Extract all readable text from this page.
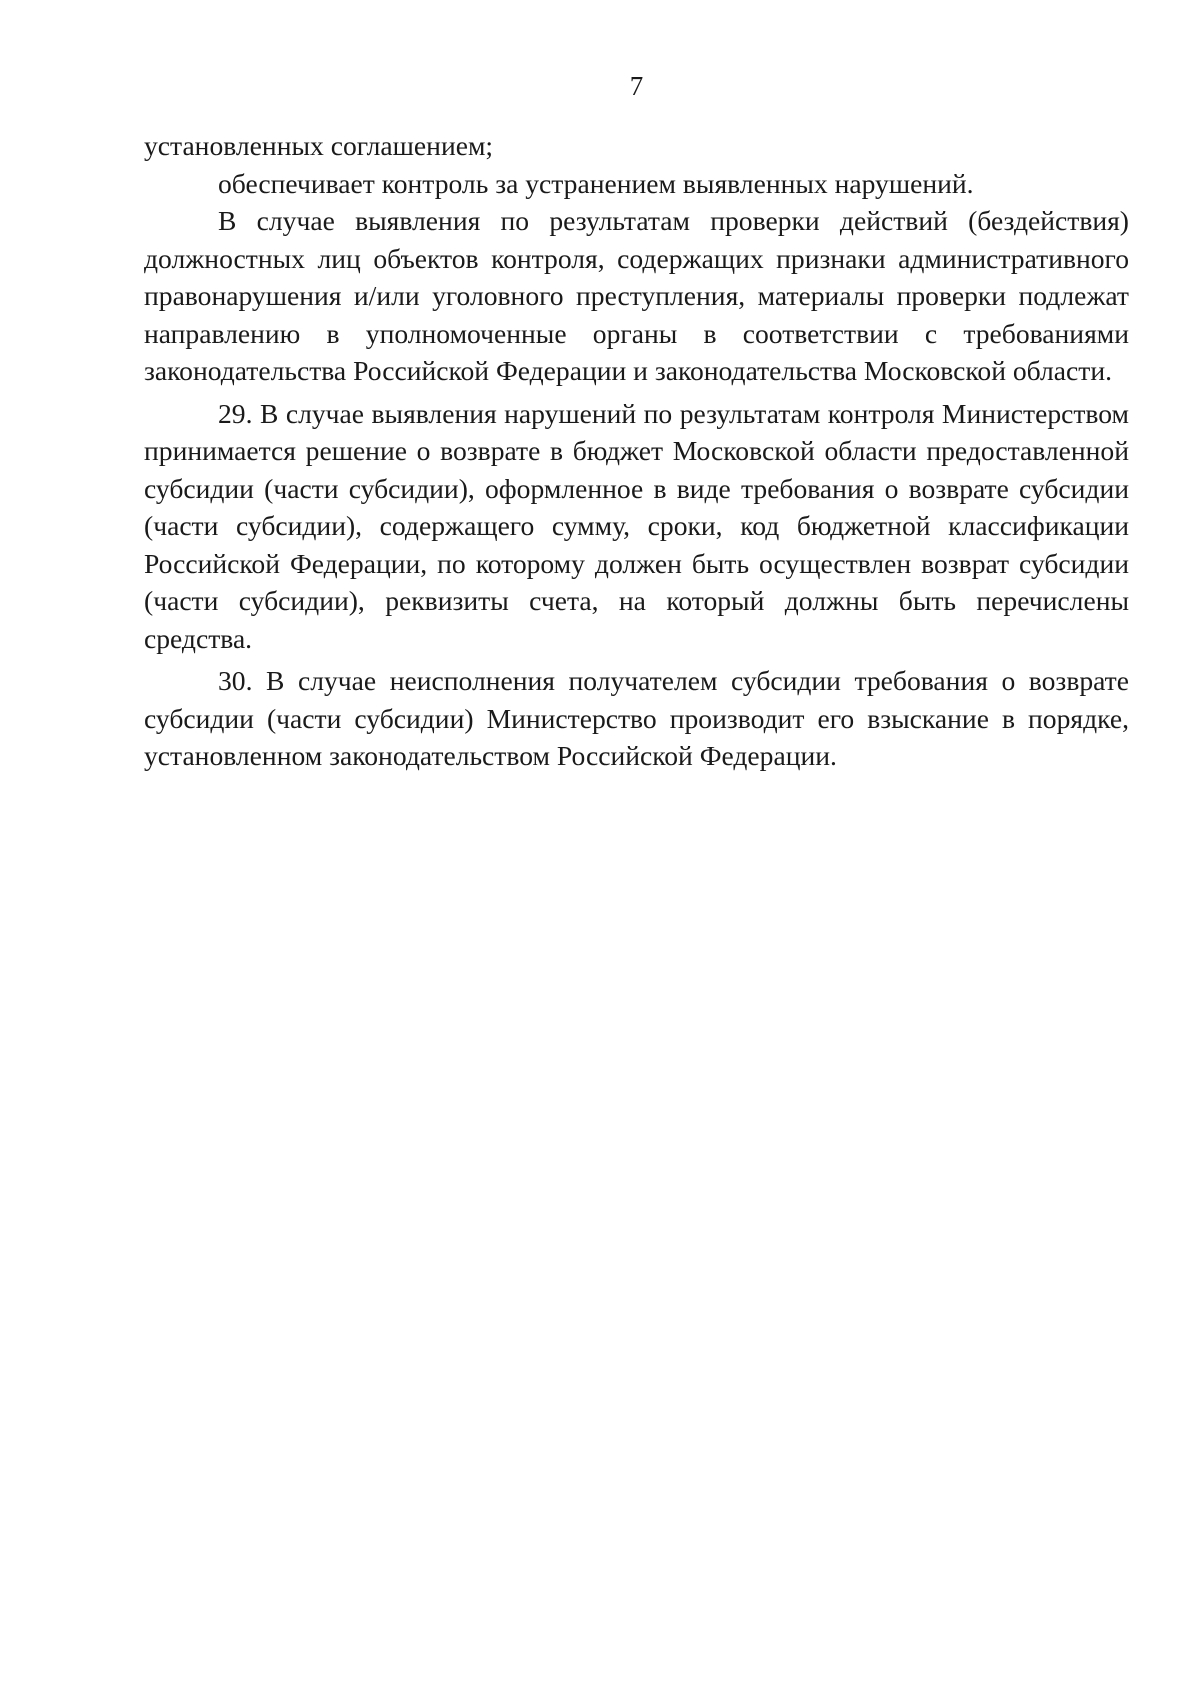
7

установленных соглашением;

обеспечивает контроль за устранением выявленных нарушений.

В случае выявления по результатам проверки действий (бездействия) должностных лиц объектов контроля, содержащих признаки административного правонарушения и/или уголовного преступления, материалы проверки подлежат направлению в уполномоченные органы в соответствии с требованиями законодательства Российской Федерации и законодательства Московской области.

29. В случае выявления нарушений по результатам контроля Министерством принимается решение о возврате в бюджет Московской области предоставленной субсидии (части субсидии), оформленное в виде требования о возврате субсидии (части субсидии), содержащего сумму, сроки, код бюджетной классификации Российской Федерации, по которому должен быть осуществлен возврат субсидии (части субсидии), реквизиты счета, на который должны быть перечислены средства.

30. В случае неисполнения получателем субсидии требования о возврате субсидии (части субсидии) Министерство производит его взыскание в порядке, установленном законодательством Российской Федерации.
